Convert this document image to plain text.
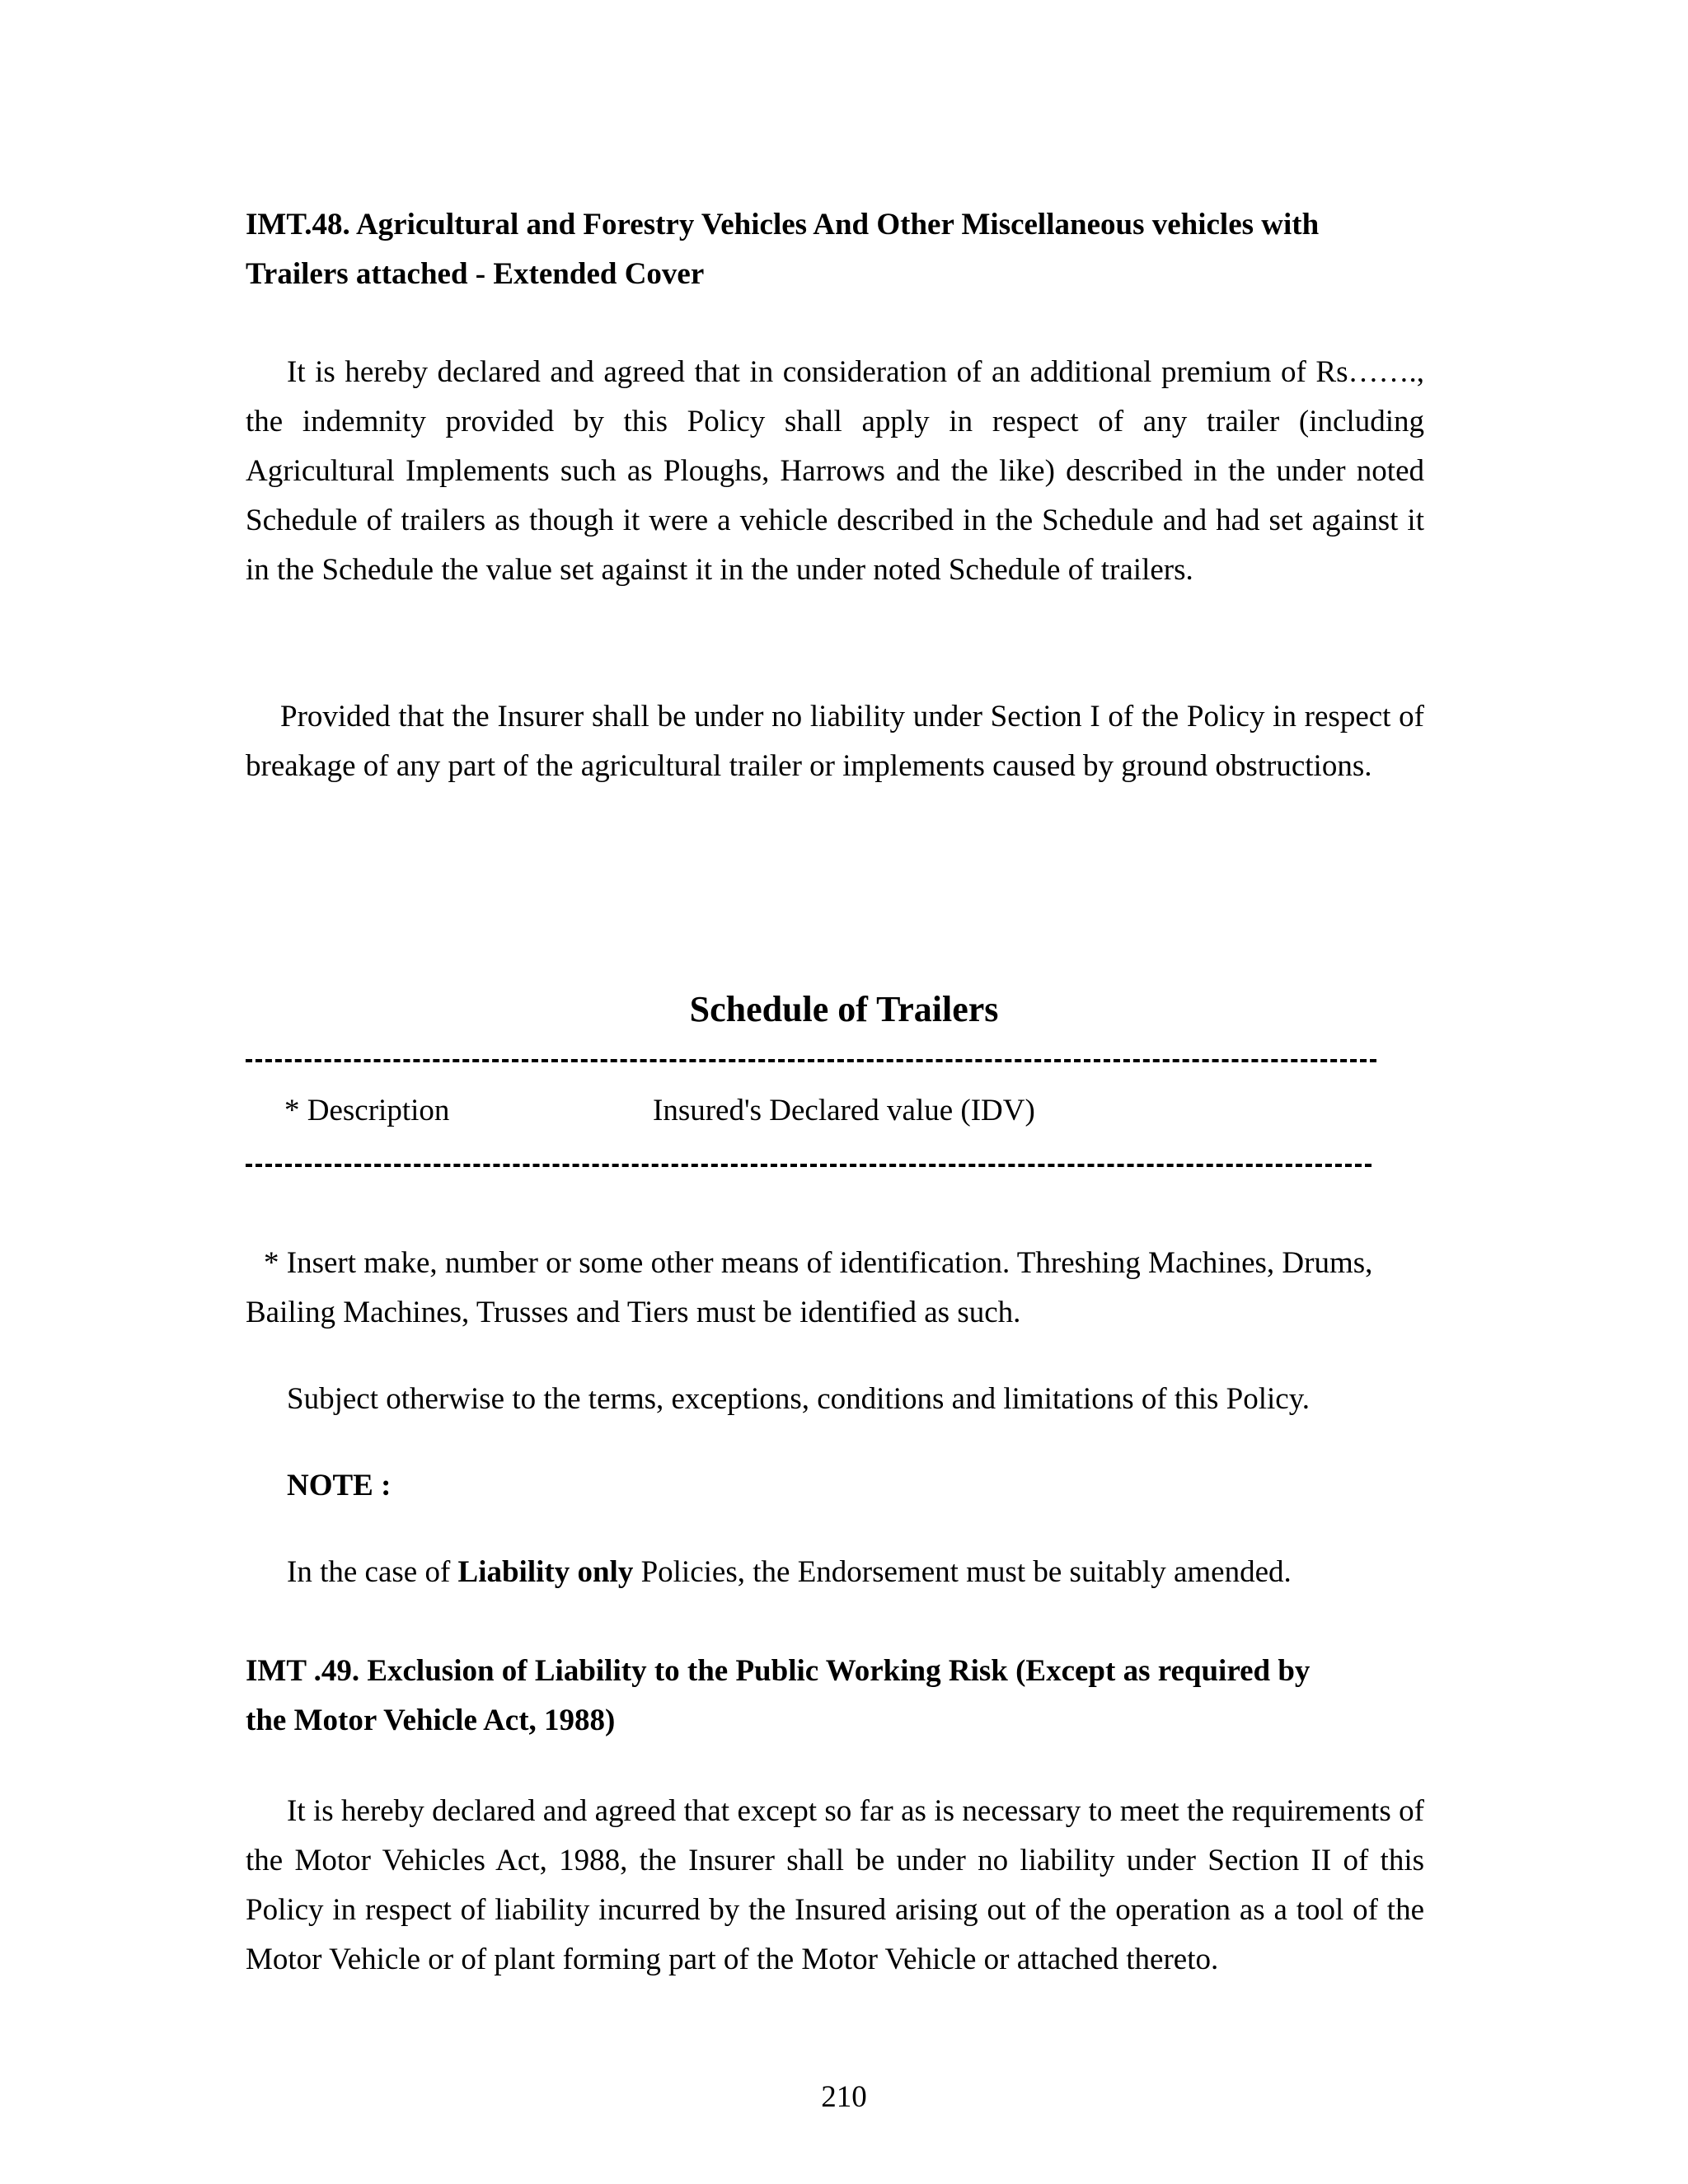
IMT.48. Agricultural and Forestry Vehicles And Other Miscellaneous vehicles with
Trailers attached - Extended Cover
It is hereby declared and agreed that in consideration of an additional premium of Rs……., the indemnity provided by this Policy shall apply in respect of any trailer (including Agricultural Implements such as Ploughs, Harrows and the like) described in the under noted Schedule of trailers as though it were a vehicle described in the Schedule and had set against it in the Schedule the value set against it in the under noted Schedule of trailers.
Provided that the Insurer shall be under no liability under Section I of the Policy in respect of breakage of any part of the agricultural trailer or implements caused by ground obstructions.
Schedule of Trailers
* Description	Insured's Declared value (IDV)
* Insert make, number or some other means of identification. Threshing Machines, Drums, Bailing Machines, Trusses and Tiers must be identified as such.
Subject otherwise to the terms, exceptions, conditions and limitations of this Policy.
NOTE :
In the case of Liability only Policies, the Endorsement must be suitably amended.
IMT .49. Exclusion of Liability to the Public Working Risk (Except as required by
the Motor Vehicle Act, 1988)
It is hereby declared and agreed that except so far as is necessary to meet the requirements of the Motor Vehicles Act, 1988, the Insurer shall be under no liability under Section II of this Policy in respect of liability incurred by the Insured arising out of the operation as a tool of the Motor Vehicle or of plant forming part of the Motor Vehicle or attached thereto.
210
